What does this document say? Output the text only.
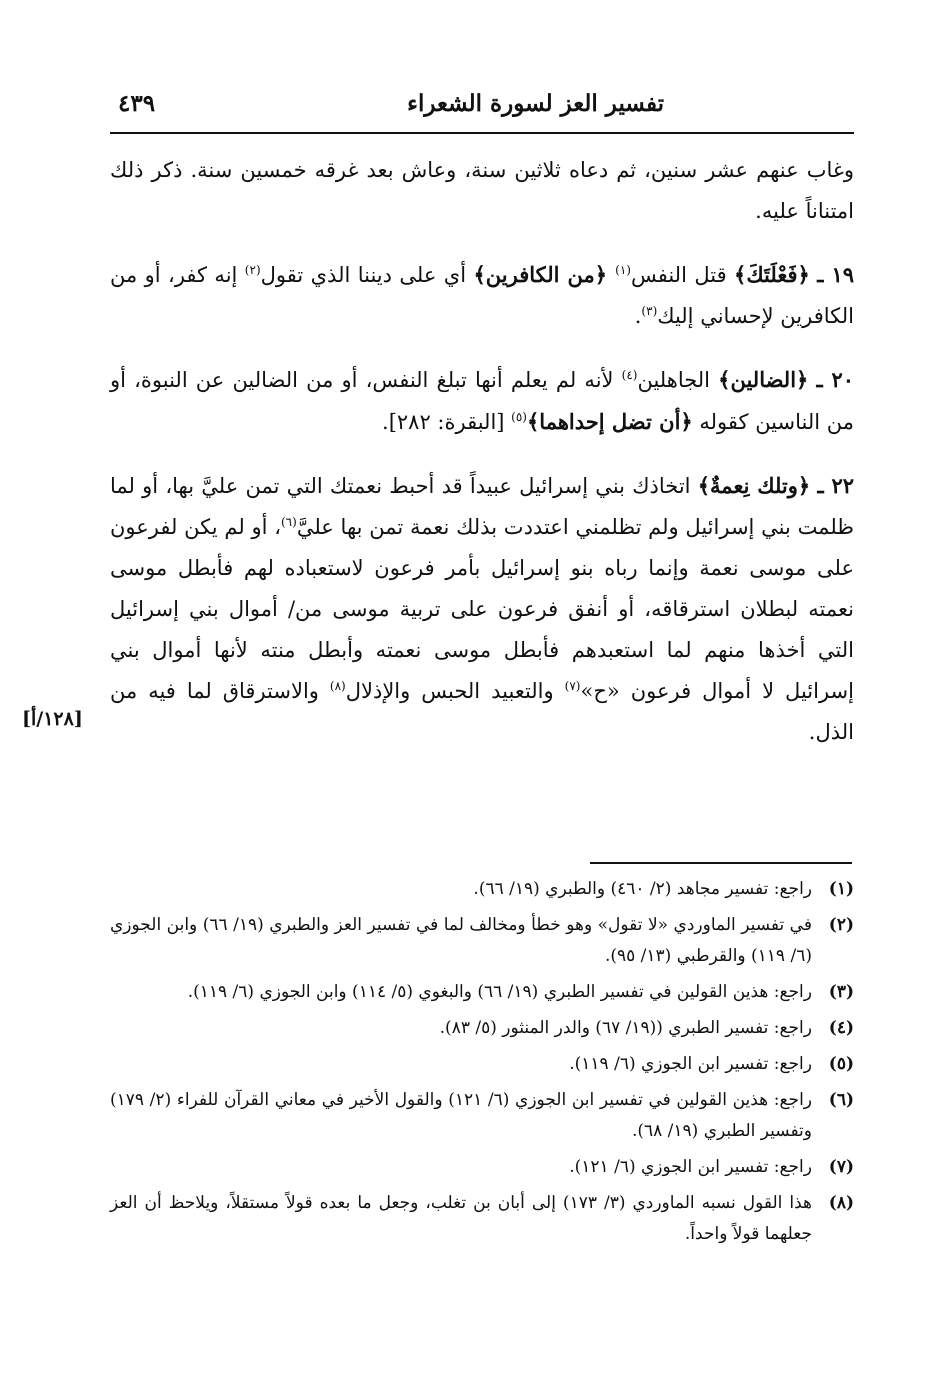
تفسير العز لسورة الشعراء
٤٣٩

وغاب عنهم عشر سنين، ثم دعاه ثلاثين سنة، وعاش بعد غرقه خمسين سنة. ذكر ذلك امتناناً عليه.

١٩ ـ ﴿فَعْلَتَكَ﴾ قتل النفس$^{(١)}$ ﴿من الكافرين﴾ أي على ديننا الذي تقول$^{(٢)}$ إنه كفر، أو من الكافرين لإحساني إليك$^{(٣)}$.

٢٠ ـ ﴿الضالين﴾ الجاهلين$^{(٤)}$ لأنه لم يعلم أنها تبلغ النفس، أو من الضالين عن النبوة، أو من الناسين كقوله ﴿أن تضل إحداهما﴾$^{(٥)}$ [البقرة: ٢٨٢].

٢٢ ـ ﴿وتلك نِعمةٌ﴾ اتخاذك بني إسرائيل عبيداً قد أحبط نعمتك التي تمن عليَّ بها، أو لما ظلمت بني إسرائيل ولم تظلمني اعتددت بذلك نعمة تمن بها عليَّ$^{(٦)}$، أو لم يكن لفرعون على موسى نعمة وإنما رباه بنو إسرائيل بأمر فرعون لاستعباده لهم فأبطل موسى نعمته لبطلان استرقاقه، أو أنفق فرعون على تربية موسى من/ أموال بني إسرائيل التي أخذها منهم لما استعبدهم فأبطل موسى نعمته وأبطل منته لأنها أموال بني إسرائيل لا أموال فرعون «ح»$^{(٧)}$ والتعبيد الحبس والإذلال$^{(٨)}$ والاسترقاق لما فيه من الذل.

[١٢٨/أ]
(١)
راجع: تفسير مجاهد (٢/ ٤٦٠) والطبري (١٩/ ٦٦).
(٢)
في تفسير الماوردي «لا تقول» وهو خطأ ومخالف لما في تفسير العز والطبري (١٩/ ٦٦) وابن الجوزي (٦/ ١١٩) والقرطبي (١٣/ ٩٥).
(٣)
راجع: هذين القولين في تفسير الطبري (١٩/ ٦٦) والبغوي (٥/ ١١٤) وابن الجوزي (٦/ ١١٩).
(٤)
راجع: تفسير الطبري ((١٩/ ٦٧) والدر المنثور (٥/ ٨٣).
(٥)
راجع: تفسير ابن الجوزي (٦/ ١١٩).
(٦)
راجع: هذين القولين في تفسير ابن الجوزي (٦/ ١٢١) والقول الأخير في معاني القرآن للفراء (٢/ ١٧٩) وتفسير الطبري (١٩/ ٦٨).
(٧)
راجع: تفسير ابن الجوزي (٦/ ١٢١).
(٨)
هذا القول نسبه الماوردي (٣/ ١٧٣) إلى أبان بن تغلب، وجعل ما بعده قولاً مستقلاً، ويلاحظ أن العز جعلهما قولاً واحداً.
